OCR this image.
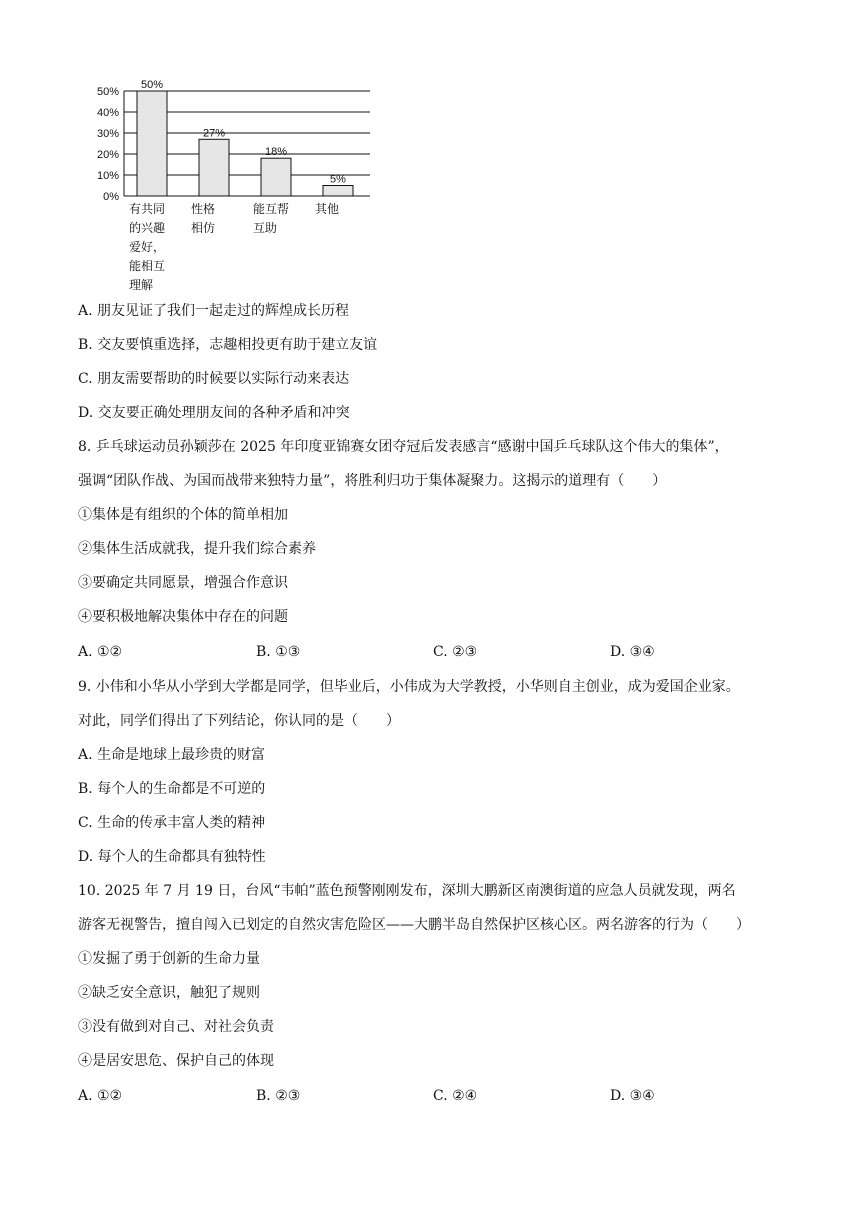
0%
10%
20%
30%
40%
50%
50%
27%
18%
5%
有共同
的兴趣
爱好，
能相互
理解
性格
相仿
能互帮
互助
其他
A. 朋友见证了我们一起走过的辉煌成长历程
B. 交友要慎重选择，志趣相投更有助于建立友谊
C. 朋友需要帮助的时候要以实际行动来表达
D. 交友要正确处理朋友间的各种矛盾和冲突
8. 乒乓球运动员孙颖莎在 2025 年印度亚锦赛女团夺冠后发表感言“感谢中国乒乓球队这个伟大的集体”，
强调“团队作战、为国而战带来独特力量”，将胜利归功于集体凝聚力。这揭示的道理有（　　）
①集体是有组织的个体的简单相加
②集体生活成就我，提升我们综合素养
③要确定共同愿景，增强合作意识
④要积极地解决集体中存在的问题
A. ①②	B. ①③	C. ②③	D. ③④
9. 小伟和小华从小学到大学都是同学，但毕业后，小伟成为大学教授，小华则自主创业，成为爱国企业家。
对此，同学们得出了下列结论，你认同的是（　　）
A. 生命是地球上最珍贵的财富
B. 每个人的生命都是不可逆的
C. 生命的传承丰富人类的精神
D. 每个人的生命都具有独特性
10. 2025 年 7 月 19 日，台风“韦帕”蓝色预警刚刚发布，深圳大鹏新区南澳街道的应急人员就发现，两名
游客无视警告，擅自闯入已划定的自然灾害危险区——大鹏半岛自然保护区核心区。两名游客的行为（　　）
①发掘了勇于创新的生命力量
②缺乏安全意识，触犯了规则
③没有做到对自己、对社会负责
④是居安思危、保护自己的体现
A. ①②	B. ②③	C. ②④	D. ③④
